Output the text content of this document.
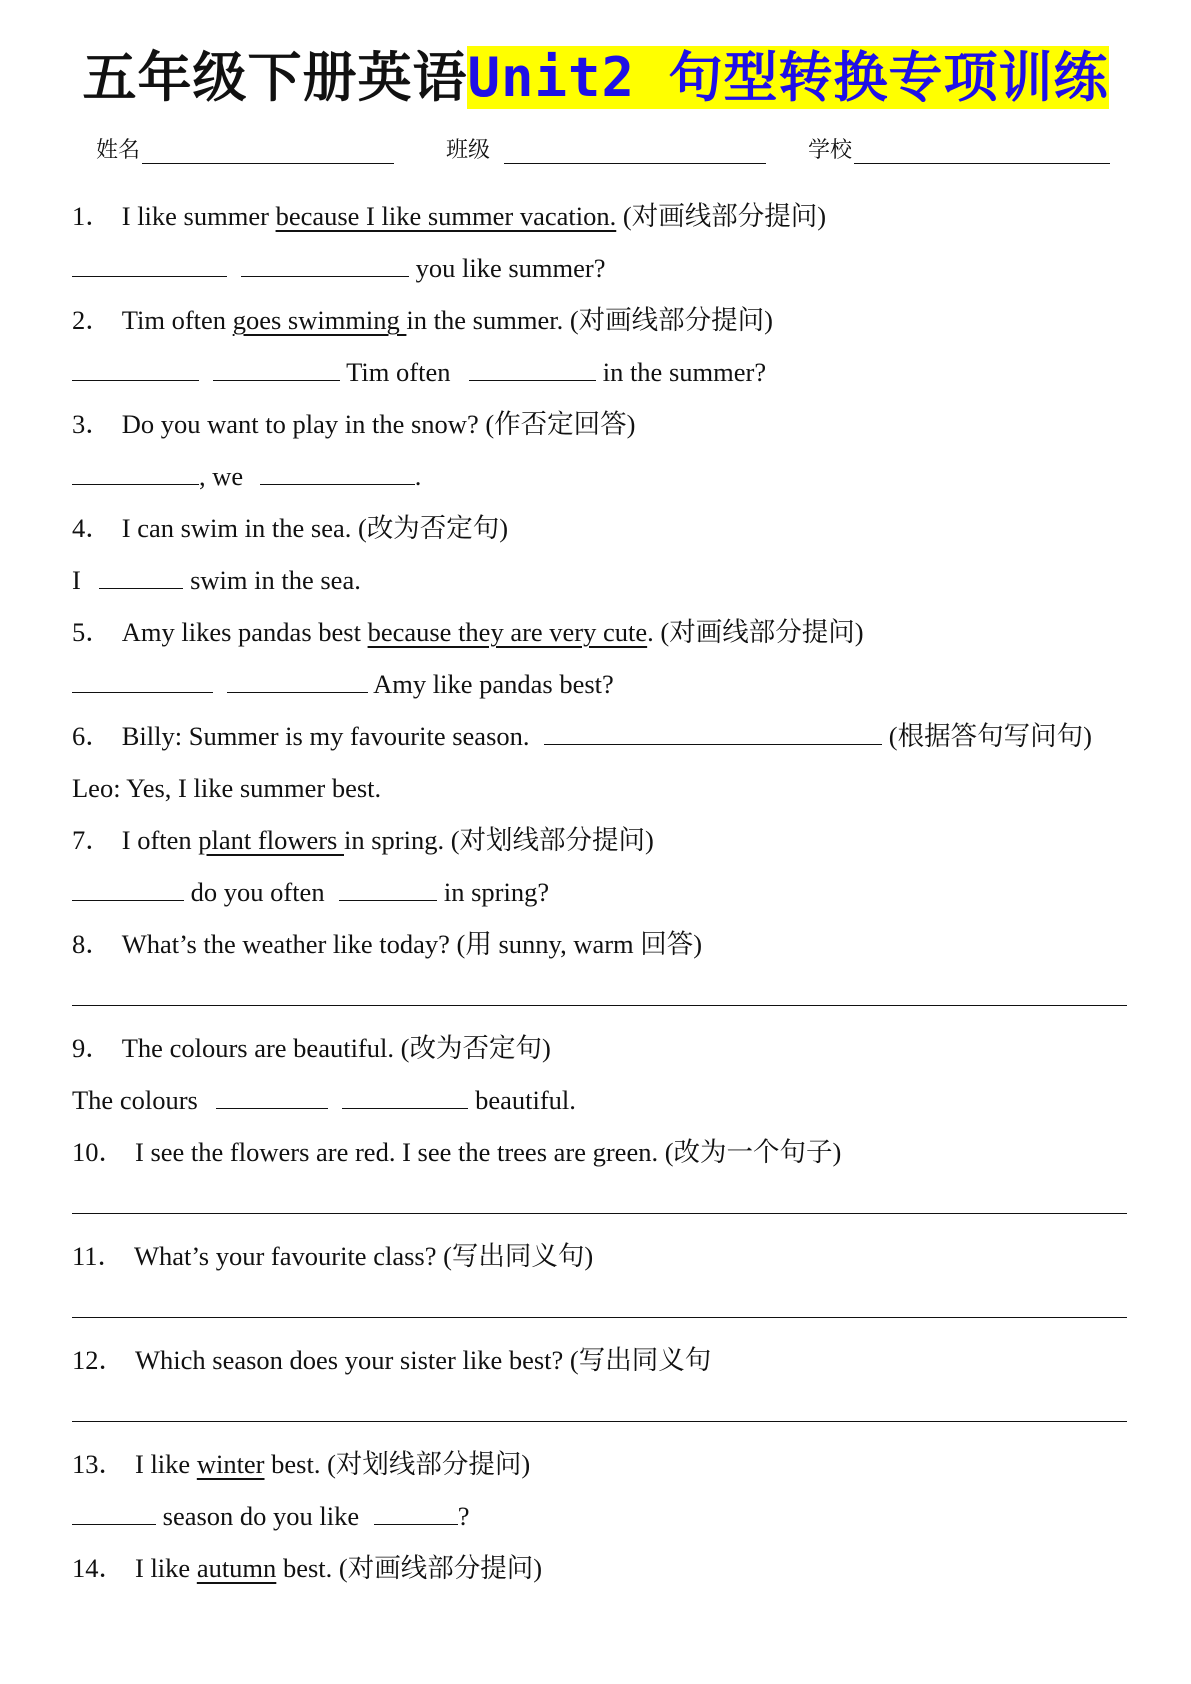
五年级下册英语Unit2 句型转换专项训练
姓名	班级	学校
1． I like summer because I like summer vacation. (对画线部分提问)
you like summer?
2． Tim often goes swimming in the summer. (对画线部分提问)
Tim often	in the summer?
3． Do you want to play in the snow? (作否定回答)
, we	.
4． I can swim in the sea. (改为否定句)
I	swim in the sea.
5． Amy likes pandas best because they are very cute. (对画线部分提问)
Amy like pandas best?
6． Billy: Summer is my favourite season.	(根据答句写问句)
Leo: Yes, I like summer best.
7． I often plant flowers in spring. (对划线部分提问)
do you often	in spring?
8． What’s the weather like today? (用 sunny, warm 回答)
9． The colours are beautiful. (改为否定句)
The colours	beautiful.
10． I see the flowers are red. I see the trees are green. (改为一个句子)
11． What’s your favourite class? (写出同义句)
12． Which season does your sister like best? (写出同义句
13． I like winter best. (对划线部分提问)
season do you like	?
14． I like autumn best. (对画线部分提问)
